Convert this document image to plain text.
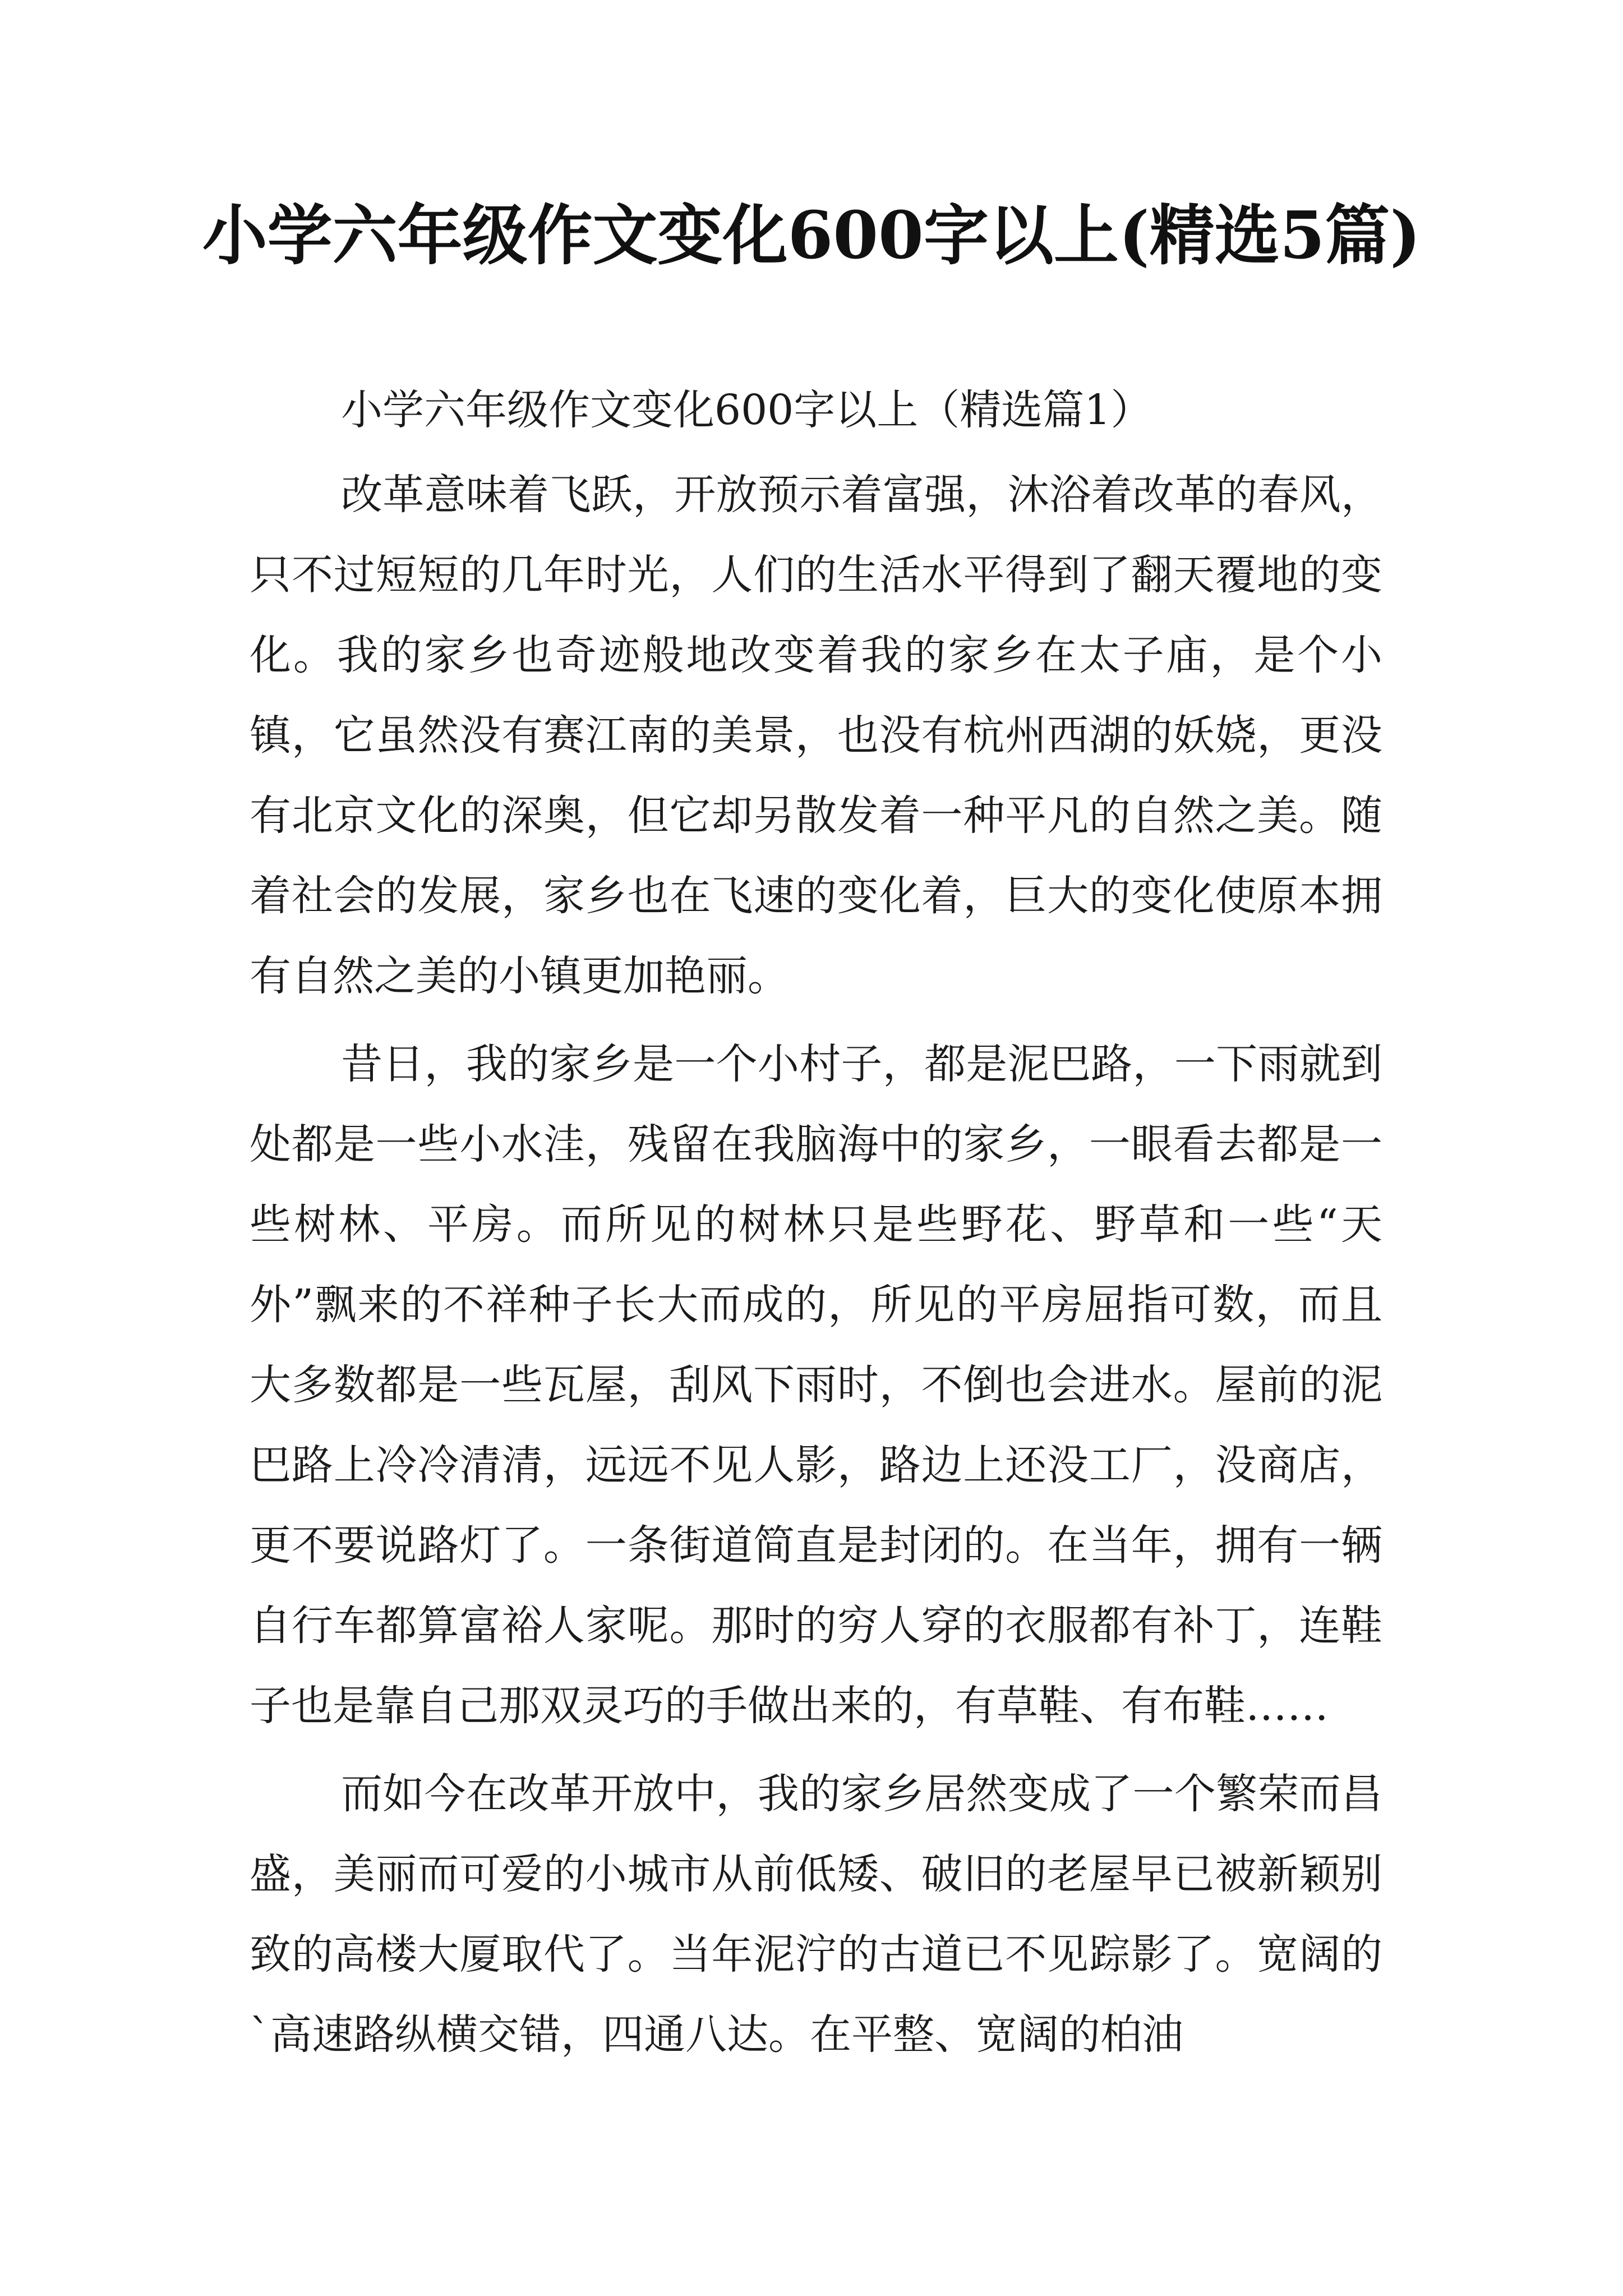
小学六年级作文变化600字以上(精选5篇)

小学六年级作文变化600字以上（精选篇1）

改革意味着飞跃，开放预示着富强，沐浴着改革的春风，只不过短短的几年时光，人们的生活水平得到了翻天覆地的变化。我的家乡也奇迹般地改变着我的家乡在太子庙，是个小镇，它虽然没有赛江南的美景，也没有杭州西湖的妖娆，更没有北京文化的深奥，但它却另散发着一种平凡的自然之美。随着社会的发展，家乡也在飞速的变化着，巨大的变化使原本拥有自然之美的小镇更加艳丽。

昔日，我的家乡是一个小村子，都是泥巴路，一下雨就到处都是一些小水洼，残留在我脑海中的家乡，一眼看去都是一些树林、平房。而所见的树林只是些野花、野草和一些“天外”飘来的不祥种子长大而成的，所见的平房屈指可数，而且大多数都是一些瓦屋，刮风下雨时，不倒也会进水。屋前的泥巴路上冷冷清清，远远不见人影，路边上还没工厂，没商店，更不要说路灯了。一条街道简直是封闭的。在当年，拥有一辆自行车都算富裕人家呢。那时的穷人穿的衣服都有补丁，连鞋子也是靠自己那双灵巧的手做出来的，有草鞋、有布鞋……

而如今在改革开放中，我的家乡居然变成了一个繁荣而昌盛，美丽而可爱的小城市从前低矮、破旧的老屋早已被新颖别致的高楼大厦取代了。当年泥泞的古道已不见踪影了。宽阔的`高速路纵横交错，四通八达。在平整、宽阔的柏油
